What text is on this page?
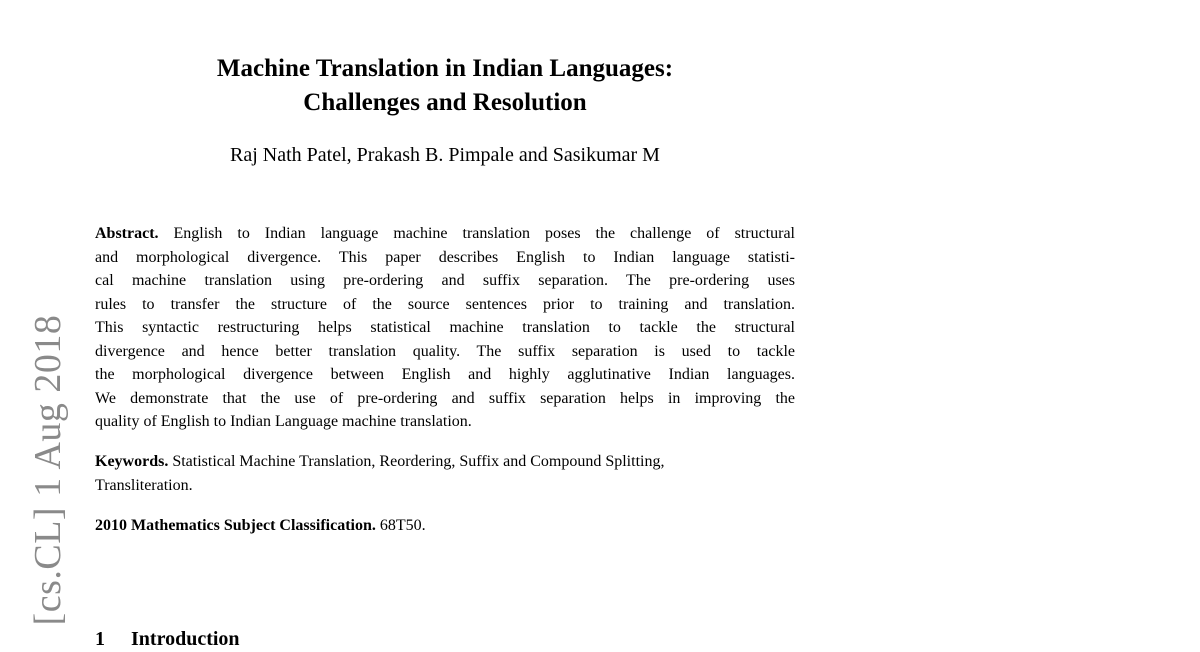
[cs.CL] 1 Aug 2018
Machine Translation in Indian Languages:
Challenges and Resolution
Raj Nath Patel, Prakash B. Pimpale and Sasikumar M
Abstract. English to Indian language machine translation poses the challenge of structural
and morphological divergence. This paper describes English to Indian language statisti-
cal machine translation using pre-ordering and suffix separation. The pre-ordering uses
rules to transfer the structure of the source sentences prior to training and translation.
This syntactic restructuring helps statistical machine translation to tackle the structural
divergence and hence better translation quality. The suffix separation is used to tackle
the morphological divergence between English and highly agglutinative Indian languages.
We demonstrate that the use of pre-ordering and suffix separation helps in improving the
quality of English to Indian Language machine translation.
Keywords. Statistical Machine Translation, Reordering, Suffix and Compound Splitting,
Transliteration.
2010 Mathematics Subject Classification. 68T50.
1 Introduction
